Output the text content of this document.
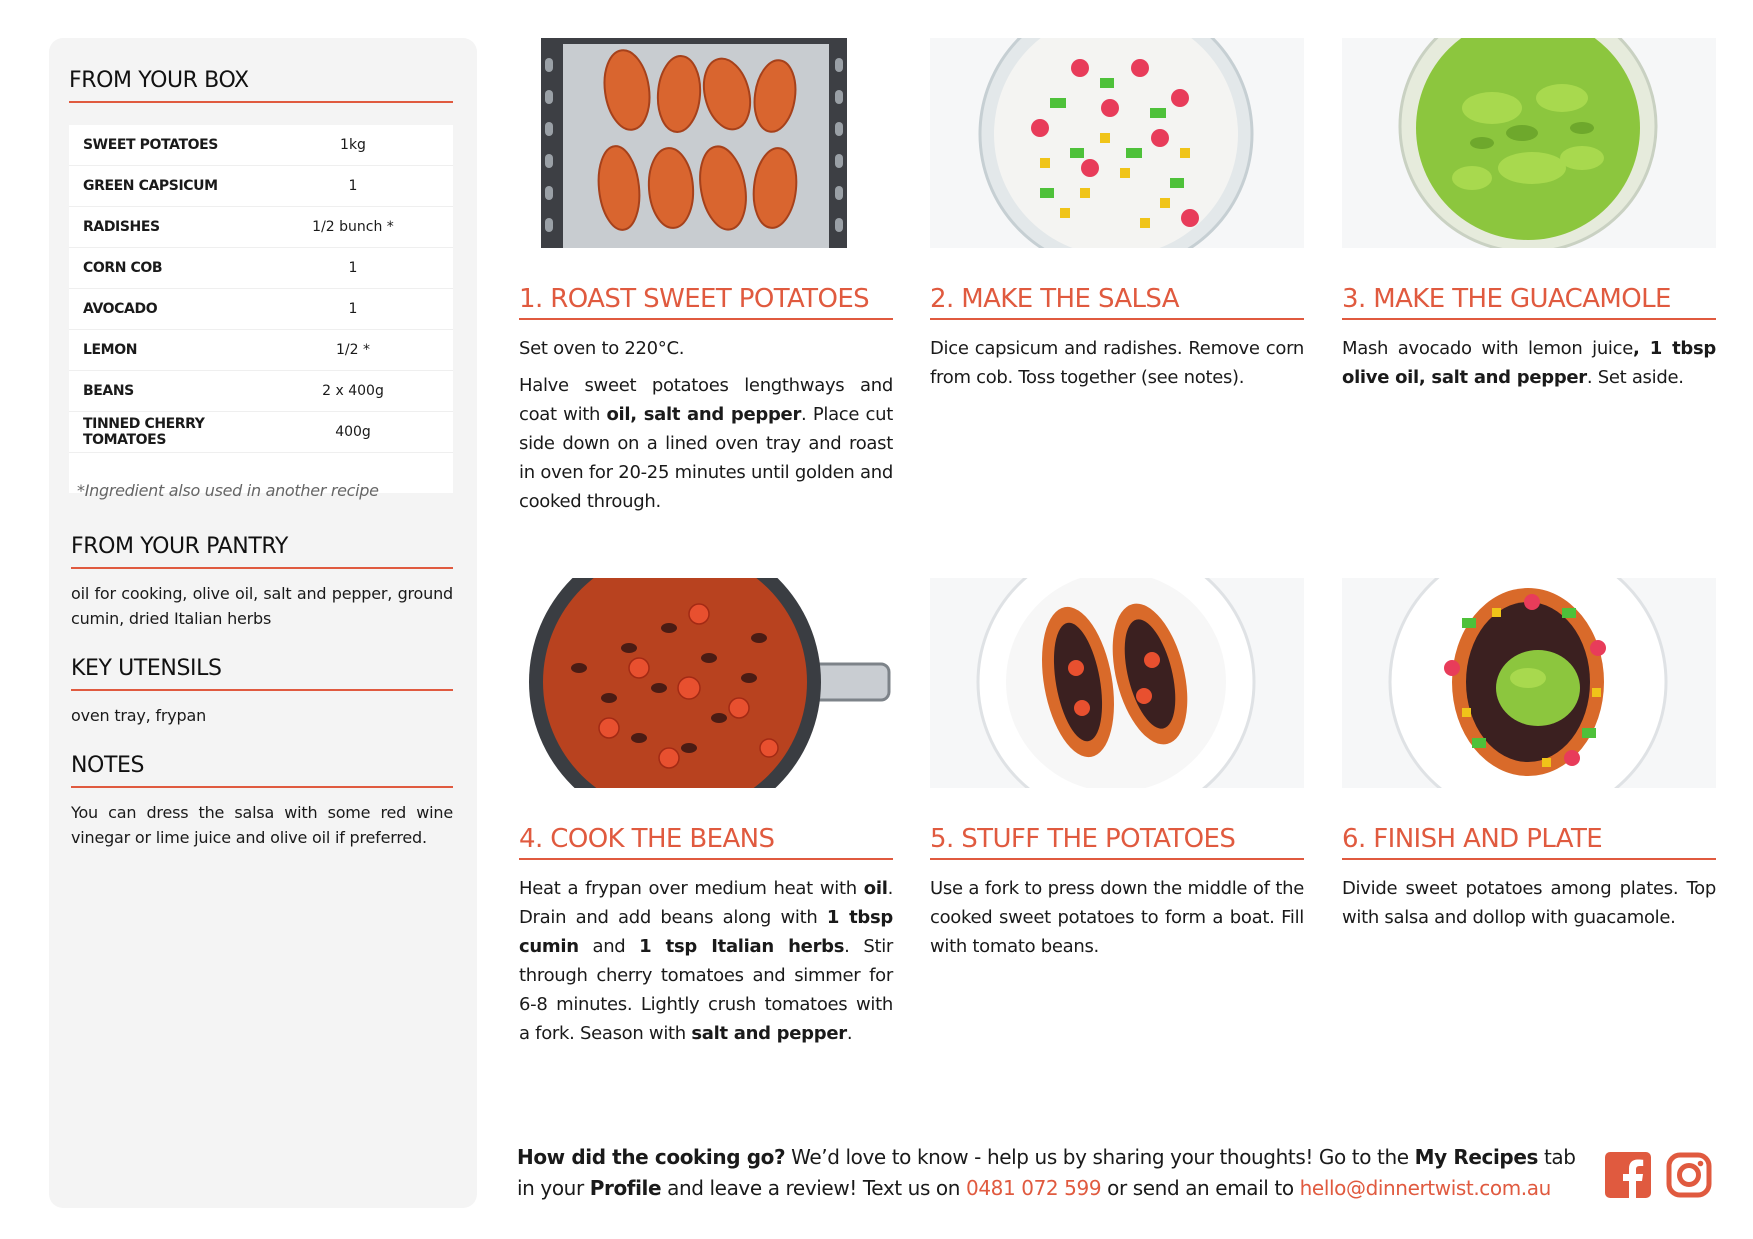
FROM YOUR BOX
SWEET POTATOES	1kg
GREEN CAPSICUM	1
RADISHES	1/2 bunch *
CORN COB	1
AVOCADO	1
LEMON	1/2 *
BEANS	2 x 400g
TINNED CHERRY TOMATOES	400g

*Ingredient also used in another recipe
FROM YOUR PANTRY

oil for cooking, olive oil, salt and pepper, ground cumin, dried Italian herbs

KEY UTENSILS

oven tray, frypan

NOTES

You can dress the salsa with some red wine vinegar or lime juice and olive oil if preferred.

1. ROAST SWEET POTATOES

Set oven to 220°C.

Halve sweet potatoes lengthways and coat with oil, salt and pepper. Place cut side down on a lined oven tray and roast in oven for 20-25 minutes until golden and cooked through.

2. MAKE THE SALSA

Dice capsicum and radishes. Remove corn from cob. Toss together (see notes).

3. MAKE THE GUACAMOLE

Mash avocado with lemon juice, 1 tbsp olive oil, salt and pepper. Set aside.

4. COOK THE BEANS

Heat a frypan over medium heat with oil. Drain and add beans along with 1 tbsp cumin and 1 tsp Italian herbs. Stir through cherry tomatoes and simmer for 6-8 minutes. Lightly crush tomatoes with a fork. Season with salt and pepper.

5. STUFF THE POTATOES

Use a fork to press down the middle of the cooked sweet potatoes to form a boat. Fill with tomato beans.

6. FINISH AND PLATE

Divide sweet potatoes among plates. Top with salsa and dollop with guacamole.

How did the cooking go? We’d love to know - help us by sharing your thoughts! Go to the My Recipes tab in your Profile and leave a review! Text us on 0481 072 599 or send an email to hello@dinnertwist.com.au
